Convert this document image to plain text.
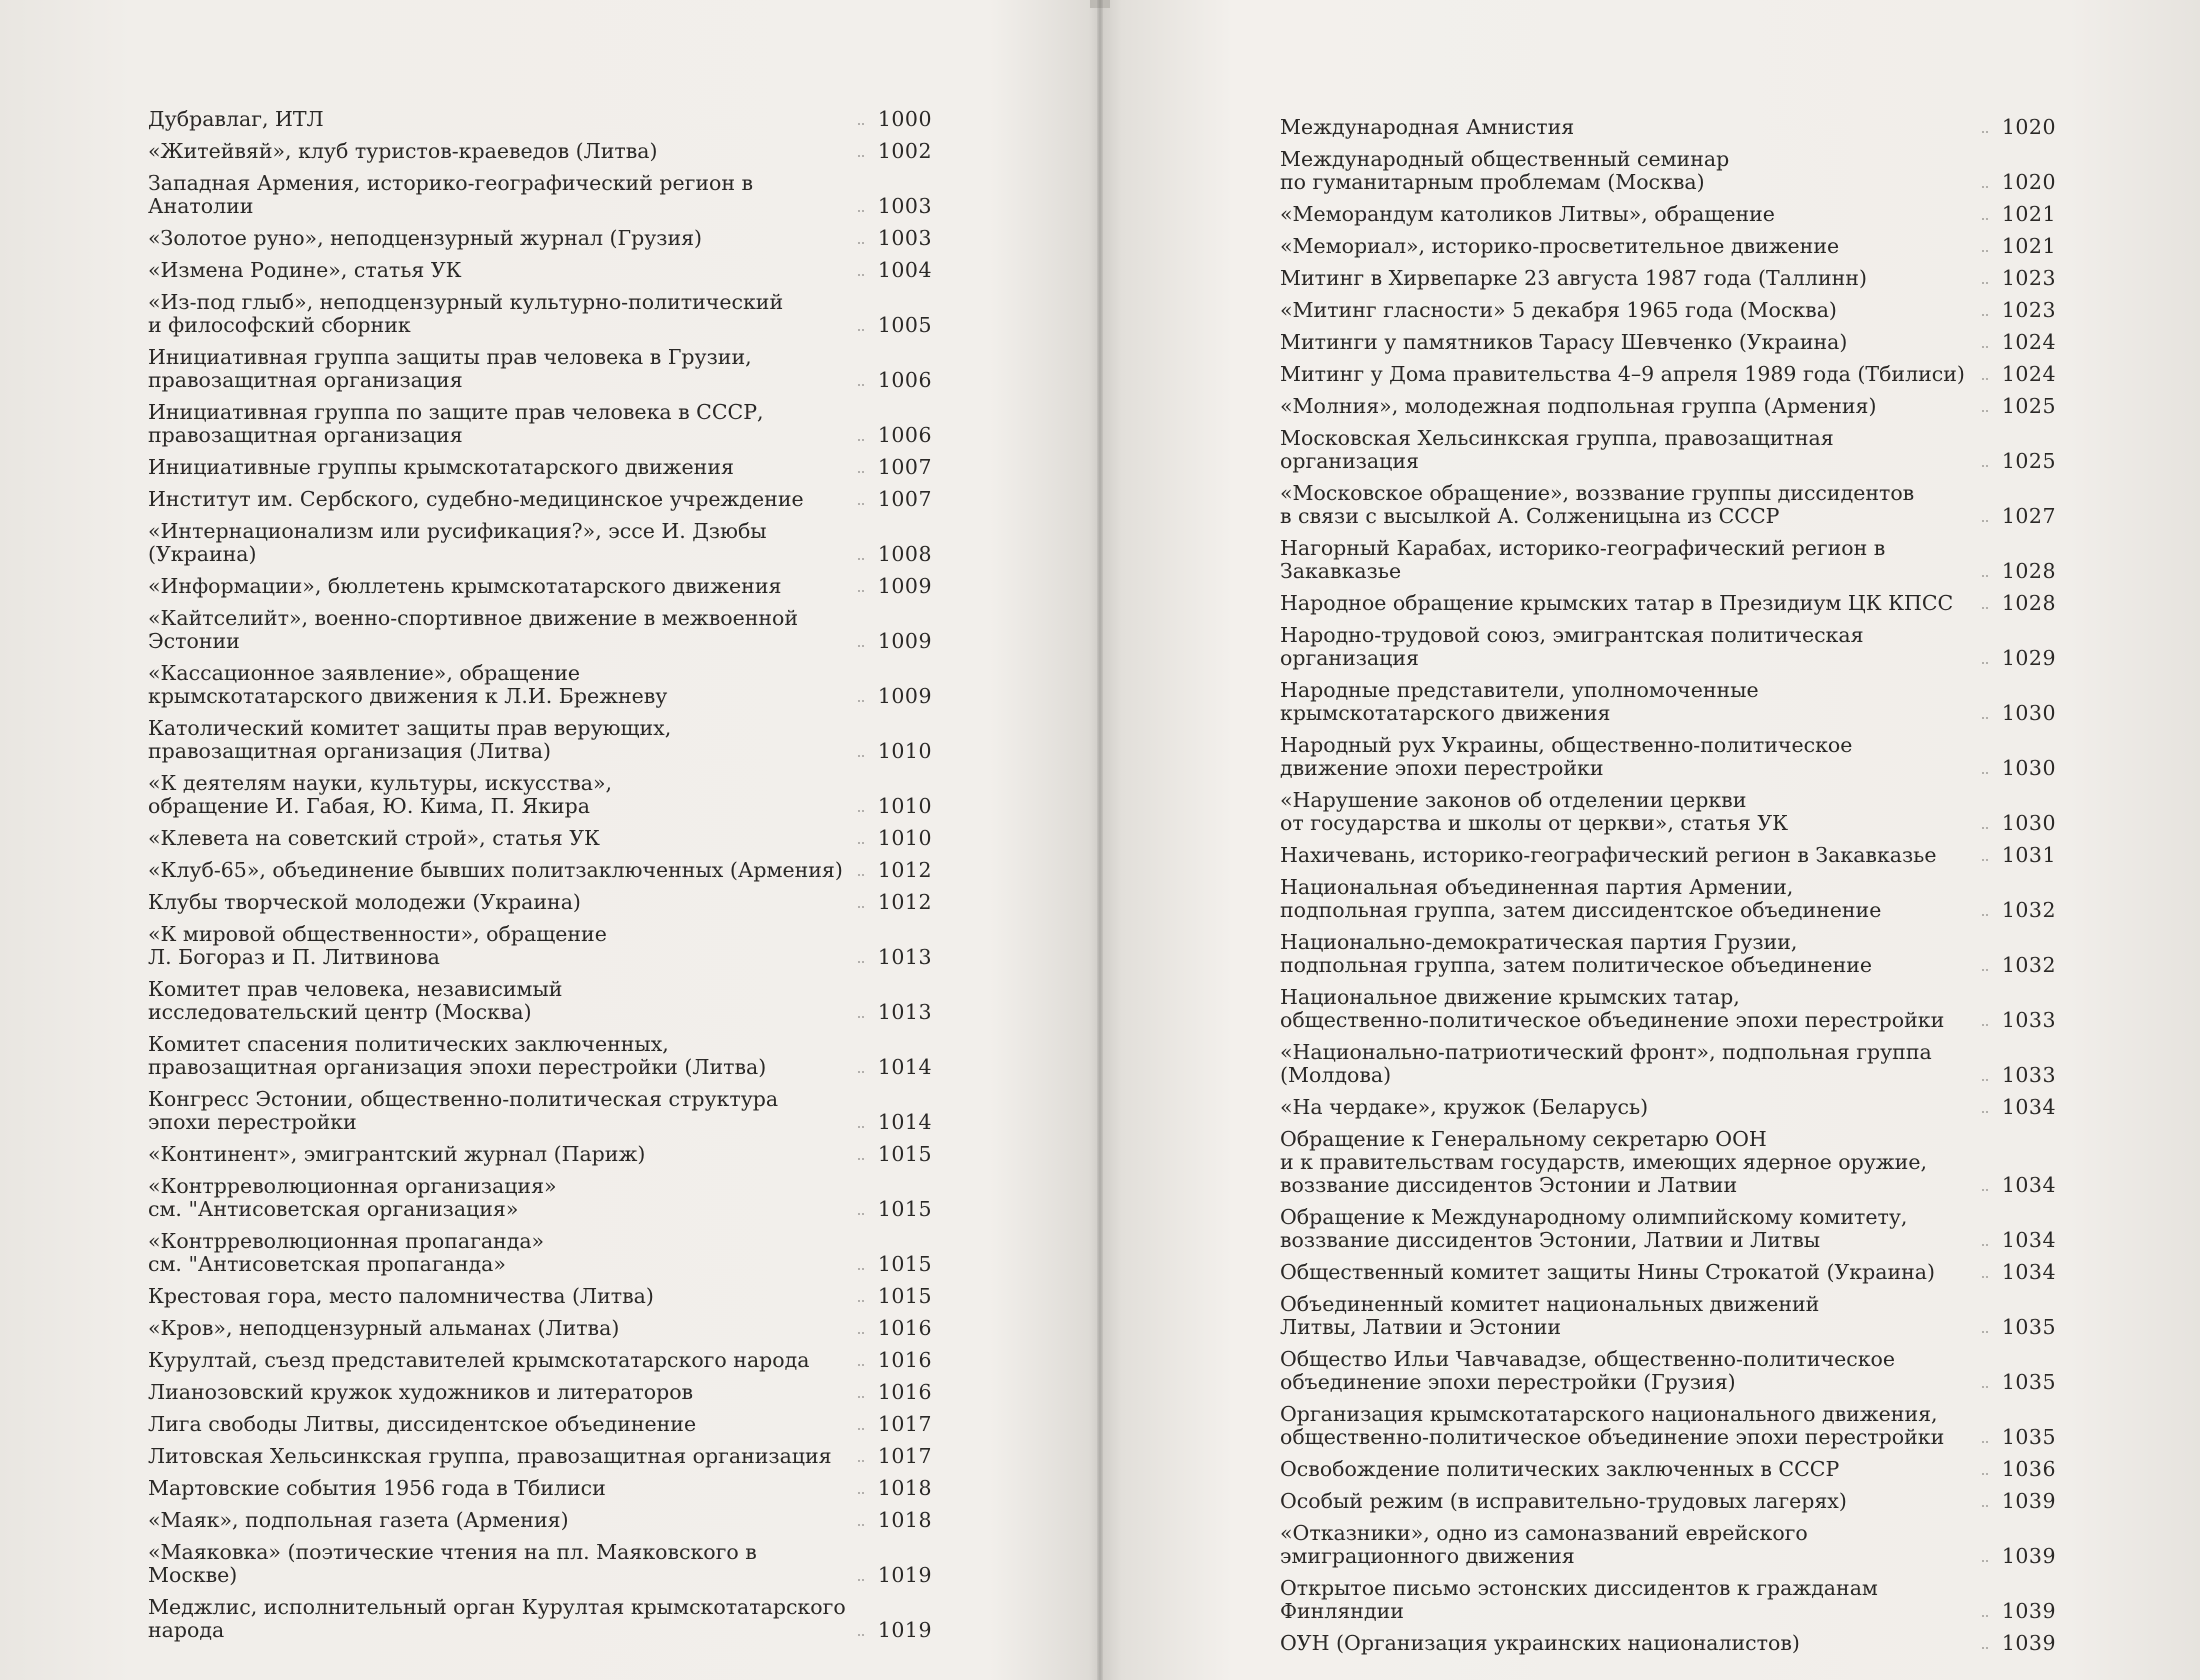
Дубравлаг, ИТЛ	1000
«Житейвяй», клуб туристов-краеведов (Литва)	1002
Западная Армения, историко-географический регион в Анатолии	1003
«Золотое руно», неподцензурный журнал (Грузия)	1003
«Измена Родине», статья УК	1004
«Из-под глыб», неподцензурный культурно-политический
и философский сборник	1005
Инициативная группа защиты прав человека в Грузии,
правозащитная организация	1006
Инициативная группа по защите прав человека в СССР,
правозащитная организация	1006
Инициативные группы крымскотатарского движения	1007
Институт им. Сербского, судебно-медицинское учреждение	1007
«Интернационализм или русификация?», эссе И. Дзюбы (Украина)	1008
«Информации», бюллетень крымскотатарского движения	1009
«Кайтселийт», военно-спортивное движение в межвоенной Эстонии	1009
«Кассационное заявление», обращение
крымскотатарского движения к Л.И. Брежневу	1009
Католический комитет защиты прав верующих,
правозащитная организация (Литва)	1010
«К деятелям науки, культуры, искусства»,
обращение И. Габая, Ю. Кима, П. Якира	1010
«Клевета на советский строй», статья УК	1010
«Клуб-65», объединение бывших политзаключенных (Армения)	1012
Клубы творческой молодежи (Украина)	1012
«К мировой общественности», обращение
Л. Богораз и П. Литвинова	1013
Комитет прав человека, независимый
исследовательский центр (Москва)	1013
Комитет спасения политических заключенных,
правозащитная организация эпохи перестройки (Литва)	1014
Конгресс Эстонии, общественно-политическая структура
эпохи перестройки	1014
«Континент», эмигрантский журнал (Париж)	1015
«Контрреволюционная организация»
см. "Антисоветская организация»	1015
«Контрреволюционная пропаганда»
см. "Антисоветская пропаганда»	1015
Крестовая гора, место паломничества (Литва)	1015
«Кров», неподцензурный альманах (Литва)	1016
Курултай, съезд представителей крымскотатарского народа	1016
Лианозовский кружок художников и литераторов	1016
Лига свободы Литвы, диссидентское объединение	1017
Литовская Хельсинкская группа, правозащитная организация	1017
Мартовские события 1956 года в Тбилиси	1018
«Маяк», подпольная газета (Армения)	1018
«Маяковка» (поэтические чтения на пл. Маяковского в Москве)	1019
Меджлис, исполнительный орган Курултая крымскотатарского народа	1019
Международная Амнистия	1020
Международный общественный семинар
по гуманитарным проблемам (Москва)	1020
«Меморандум католиков Литвы», обращение	1021
«Мемориал», историко-просветительное движение	1021
Митинг в Хирвепарке 23 августа 1987 года (Таллинн)	1023
«Митинг гласности» 5 декабря 1965 года (Москва)	1023
Митинги у памятников Тарасу Шевченко (Украина)	1024
Митинг у Дома правительства 4–9 апреля 1989 года (Тбилиси)	1024
«Молния», молодежная подпольная группа (Армения)	1025
Московская Хельсинкская группа, правозащитная организация	1025
«Московское обращение», воззвание группы диссидентов
в связи с высылкой А. Солженицына из СССР	1027
Нагорный Карабах, историко-географический регион в Закавказье	1028
Народное обращение крымских татар в Президиум ЦК КПСС	1028
Народно-трудовой союз, эмигрантская политическая организация	1029
Народные представители, уполномоченные
крымскотатарского движения	1030
Народный рух Украины, общественно-политическое
движение эпохи перестройки	1030
«Нарушение законов об отделении церкви
от государства и школы от церкви», статья УК	1030
Нахичевань, историко-географический регион в Закавказье	1031
Национальная объединенная партия Армении,
подпольная группа, затем диссидентское объединение	1032
Национально-демократическая партия Грузии,
подпольная группа, затем политическое объединение	1032
Национальное движение крымских татар,
общественно-политическое объединение эпохи перестройки	1033
«Национально-патриотический фронт», подпольная группа (Молдова)	1033
«На чердаке», кружок (Беларусь)	1034
Обращение к Генеральному секретарю ООН
и к правительствам государств, имеющих ядерное оружие,
воззвание диссидентов Эстонии и Латвии	1034
Обращение к Международному олимпийскому комитету,
воззвание диссидентов Эстонии, Латвии и Литвы	1034
Общественный комитет защиты Нины Строкатой (Украина)	1034
Объединенный комитет национальных движений
Литвы, Латвии и Эстонии	1035
Общество Ильи Чавчавадзе, общественно-политическое
объединение эпохи перестройки (Грузия)	1035
Организация крымскотатарского национального движения,
общественно-политическое объединение эпохи перестройки	1035
Освобождение политических заключенных в СССР	1036
Особый режим (в исправительно-трудовых лагерях)	1039
«Отказники», одно из самоназваний еврейского
эмиграционного движения	1039
Открытое письмо эстонских диссидентов к гражданам Финляндии	1039
ОУН (Организация украинских националистов)	1039
